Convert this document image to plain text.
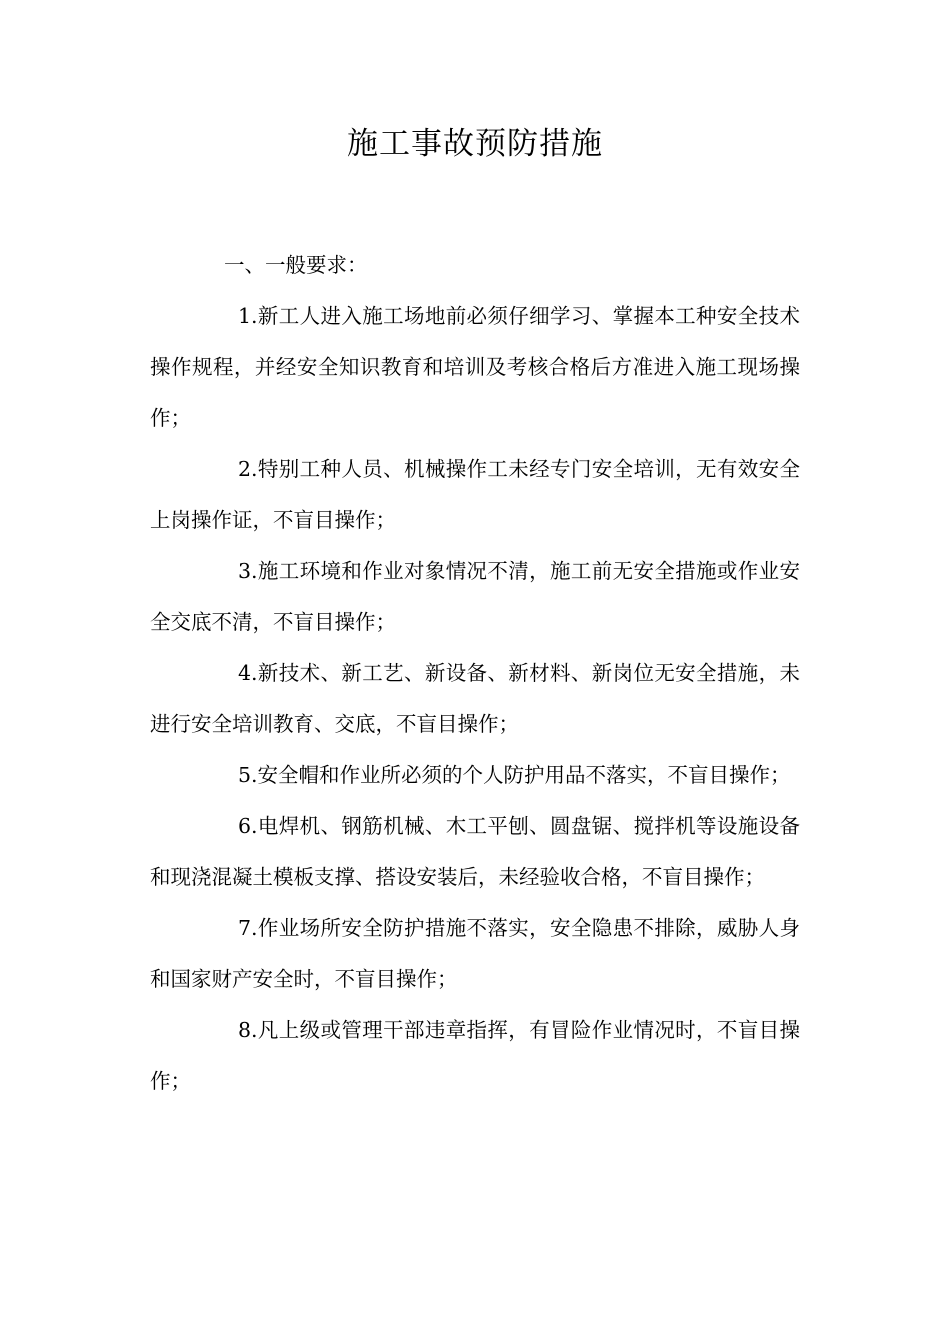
施工事故预防措施
一、一般要求：

1.新工人进入施工场地前必须仔细学习、掌握本工种安全技术操作规程，并经安全知识教育和培训及考核合格后方准进入施工现场操作；

2.特别工种人员、机械操作工未经专门安全培训，无有效安全上岗操作证，不盲目操作；

3.施工环境和作业对象情况不清，施工前无安全措施或作业安全交底不清，不盲目操作；

4.新技术、新工艺、新设备、新材料、新岗位无安全措施，未进行安全培训教育、交底，不盲目操作；

5.安全帽和作业所必须的个人防护用品不落实，不盲目操作；

6.电焊机、钢筋机械、木工平刨、圆盘锯、搅拌机等设施设备和现浇混凝土模板支撑、搭设安装后，未经验收合格，不盲目操作；

7.作业场所安全防护措施不落实，安全隐患不排除，威胁人身和国家财产安全时，不盲目操作；

8.凡上级或管理干部违章指挥，有冒险作业情况时，不盲目操作；
